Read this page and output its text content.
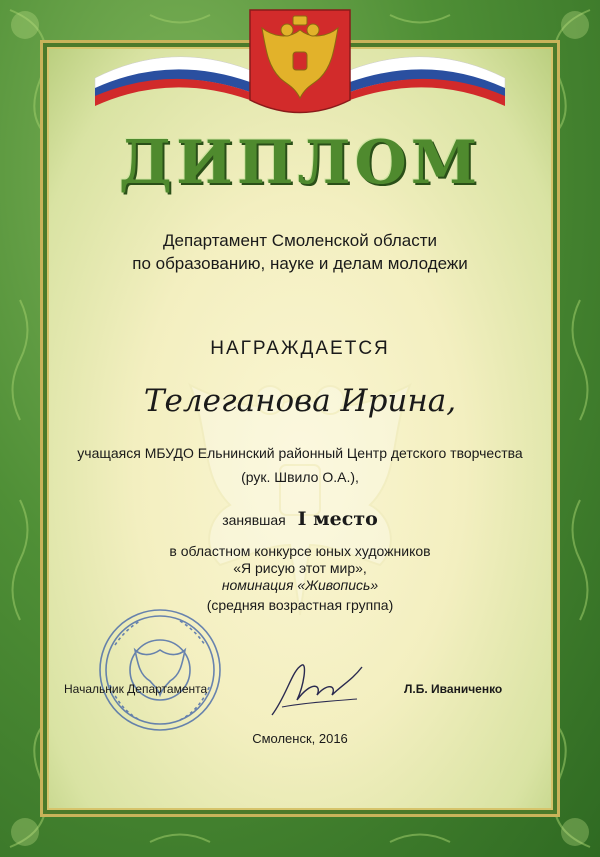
ДИПЛОМ
Департамент Смоленской области
по образованию, науке и делам молодежи
НАГРАЖДАЕТСЯ
Телеганова Ирина,
учащаяся МБУДО Ельнинский районный Центр детского творчества
(рук. Швило О.А.),
занявшая I место
в областном конкурсе юных художников
«Я рисую этот мир»,
номинация «Живопись»
(средняя возрастная группа)
Начальник Департамента	Л.Б. Иваниченко
Смоленск, 2016
